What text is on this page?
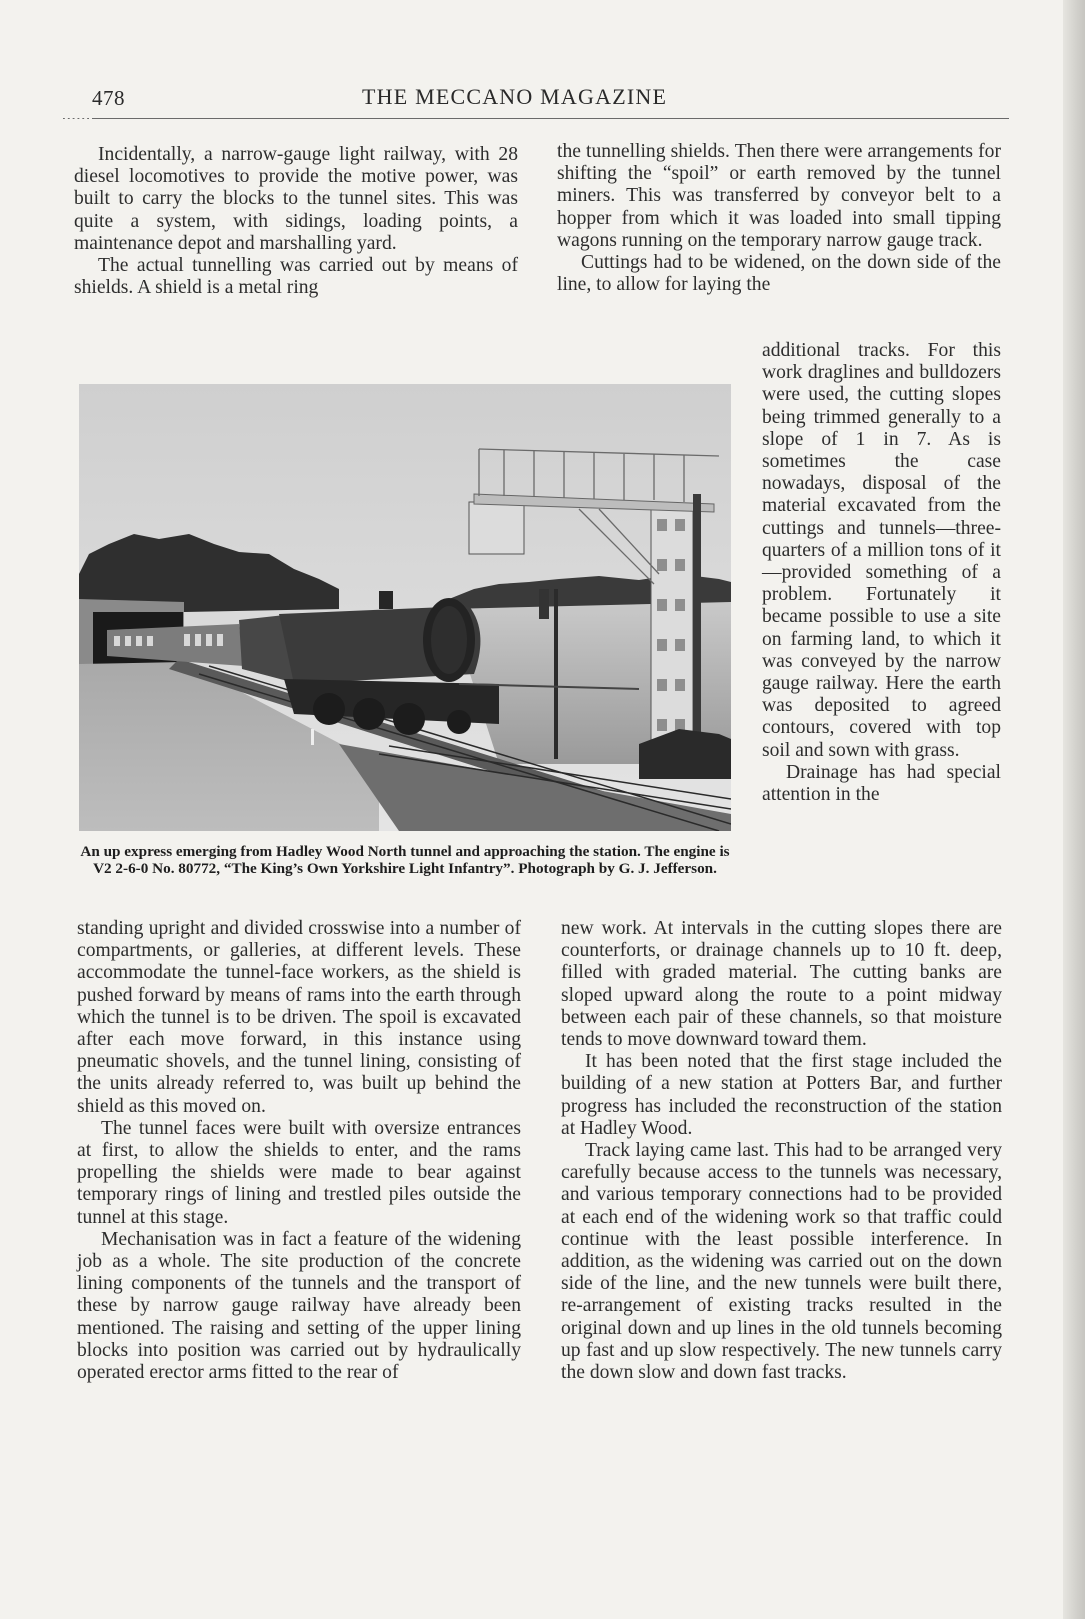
478	THE MECCANO MAGAZINE

Incidentally, a narrow-gauge light railway, with 28 diesel locomotives to provide the motive power, was built to carry the blocks to the tunnel sites. This was quite a system, with sidings, loading points, a maintenance depot and marshalling yard.

The actual tunnelling was carried out by means of shields. A shield is a metal ring

the tunnelling shields. Then there were arrangements for shifting the “spoil” or earth removed by the tunnel miners. This was transferred by conveyor belt to a hopper from which it was loaded into small tipping wagons running on the temporary narrow gauge track.

Cuttings had to be widened, on the down side of the line, to allow for laying the

additional tracks. For this work draglines and bulldozers were used, the cutting slopes being trimmed generally to a slope of 1 in 7. As is sometimes the case nowadays, disposal of the material excavated from the cuttings and tunnels—three-quarters of a million tons of it —provided something of a problem. Fortunately it became possible to use a site on farming land, to which it was conveyed by the narrow gauge railway. Here the earth was deposited to agreed contours, covered with top soil and sown with grass.

Drainage has had special attention in the

An up express emerging from Hadley Wood North tunnel and approaching the station. The engine is V2 2-6-0 No. 80772, “The King’s Own Yorkshire Light Infantry”. Photograph by G. J. Jefferson.

standing upright and divided crosswise into a number of compartments, or galleries, at different levels. These accommodate the tunnel-face workers, as the shield is pushed forward by means of rams into the earth through which the tunnel is to be driven. The spoil is excavated after each move forward, in this instance using pneumatic shovels, and the tunnel lining, consisting of the units already referred to, was built up behind the shield as this moved on.

The tunnel faces were built with oversize entrances at first, to allow the shields to enter, and the rams propelling the shields were made to bear against temporary rings of lining and trestled piles outside the tunnel at this stage.

Mechanisation was in fact a feature of the widening job as a whole. The site production of the concrete lining components of the tunnels and the transport of these by narrow gauge railway have already been mentioned. The raising and setting of the upper lining blocks into position was carried out by hydraulically operated erector arms fitted to the rear of

new work. At intervals in the cutting slopes there are counterforts, or drainage channels up to 10 ft. deep, filled with graded material. The cutting banks are sloped upward along the route to a point midway between each pair of these channels, so that moisture tends to move downward toward them.

It has been noted that the first stage included the building of a new station at Potters Bar, and further progress has included the reconstruction of the station at Hadley Wood.

Track laying came last. This had to be arranged very carefully because access to the tunnels was necessary, and various temporary connections had to be provided at each end of the widening work so that traffic could continue with the least possible interference. In addition, as the widening was carried out on the down side of the line, and the new tunnels were built there, re-arrangement of existing tracks resulted in the original down and up lines in the old tunnels becoming up fast and up slow respectively. The new tunnels carry the down slow and down fast tracks.
